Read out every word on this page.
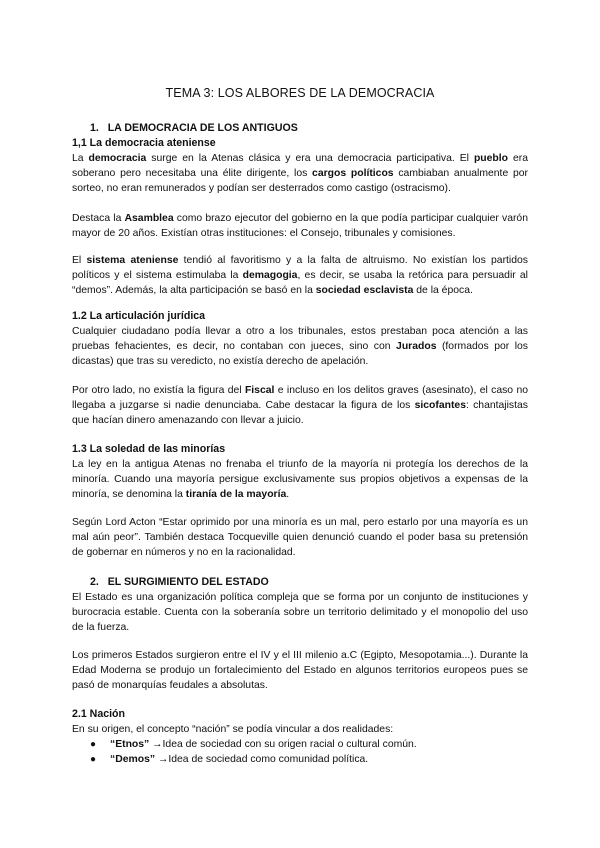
TEMA 3: LOS ALBORES DE LA DEMOCRACIA
1. LA DEMOCRACIA DE LOS ANTIGUOS
1,1 La democracia ateniense

La democracia surge en la Atenas clásica y era una democracia participativa. El pueblo era soberano pero necesitaba una élite dirigente, los cargos políticos cambiaban anualmente por sorteo, no eran remunerados y podían ser desterrados como castigo (ostracismo).

Destaca la Asamblea como brazo ejecutor del gobierno en la que podía participar cualquier varón mayor de 20 años. Existían otras instituciones: el Consejo, tribunales y comisiones.

El sistema ateniense tendió al favoritismo y a la falta de altruismo. No existían los partidos políticos y el sistema estimulaba la demagogia, es decir, se usaba la retórica para persuadir al “demos”. Además, la alta participación se basó en la sociedad esclavista de la época.

1.2 La articulación jurídica

Cualquier ciudadano podía llevar a otro a los tribunales, estos prestaban poca atención a las pruebas fehacientes, es decir, no contaban con jueces, sino con Jurados (formados por los dicastas) que tras su veredicto, no existía derecho de apelación.

Por otro lado, no existía la figura del Fiscal e incluso en los delitos graves (asesinato), el caso no llegaba a juzgarse si nadie denunciaba. Cabe destacar la figura de los sicofantes: chantajistas que hacían dinero amenazando con llevar a juicio.

1.3 La soledad de las minorías

La ley en la antigua Atenas no frenaba el triunfo de la mayoría ni protegía los derechos de la minoría. Cuando una mayoría persigue exclusivamente sus propios objetivos a expensas de la minoría, se denomina la tiranía de la mayoría.

Según Lord Acton “Estar oprimido por una minoría es un mal, pero estarlo por una mayoría es un mal aún peor”. También destaca Tocqueville quien denunció cuando el poder basa su pretensión de gobernar en números y no en la racionalidad.

2. EL SURGIMIENTO DEL ESTADO

El Estado es una organización política compleja que se forma por un conjunto de instituciones y burocracia estable. Cuenta con la soberanía sobre un territorio delimitado y el monopolio del uso de la fuerza.

Los primeros Estados surgieron entre el IV y el III milenio a.C (Egipto, Mesopotamia...). Durante la Edad Moderna se produjo un fortalecimiento del Estado en algunos territorios europeos pues se pasó de monarquías feudales a absolutas.

2.1 Nación

En su origen, el concepto “nación” se podía vincular a dos realidades:

● “Etnos” →Idea de sociedad con su origen racial o cultural común.
● “Demos” →Idea de sociedad como comunidad política.
